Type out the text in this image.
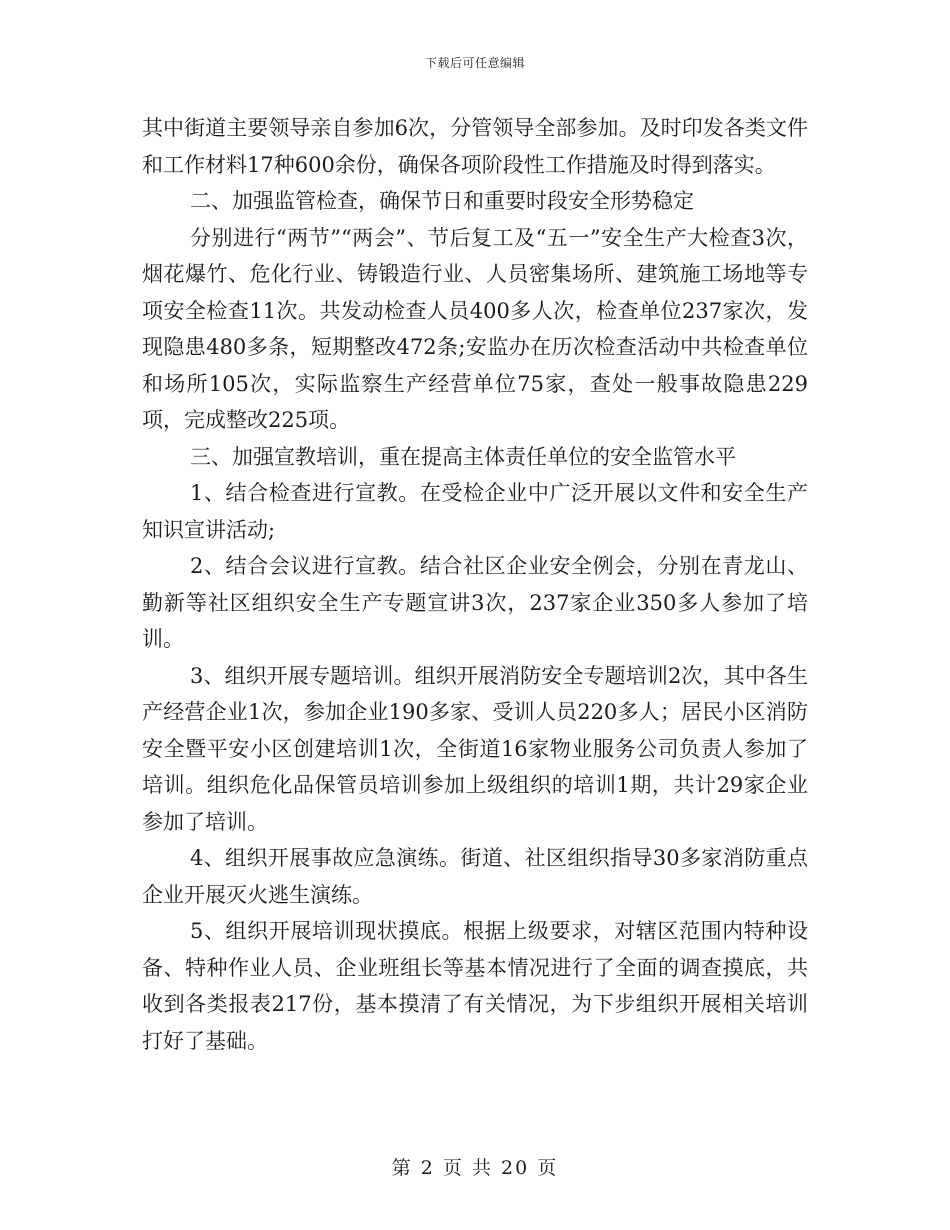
下载后可任意编辑

其中街道主要领导亲自参加6次，分管领导全部参加。及时印发各类文件和工作材料17种600余份，确保各项阶段性工作措施及时得到落实。

二、加强监管检查，确保节日和重要时段安全形势稳定

分别进行“两节”“两会”、节后复工及“五一”安全生产大检查3次，烟花爆竹、危化行业、铸锻造行业、人员密集场所、建筑施工场地等专项安全检查11次。共发动检查人员400多人次，检查单位237家次，发现隐患480多条，短期整改472条;安监办在历次检查活动中共检查单位和场所105次，实际监察生产经营单位75家，查处一般事故隐患229项，完成整改225项。

三、加强宣教培训，重在提高主体责任单位的安全监管水平

1、结合检查进行宣教。在受检企业中广泛开展以文件和安全生产知识宣讲活动;

2、结合会议进行宣教。结合社区企业安全例会，分别在青龙山、勤新等社区组织安全生产专题宣讲3次，237家企业350多人参加了培训。

3、组织开展专题培训。组织开展消防安全专题培训2次，其中各生产经营企业1次，参加企业190多家、受训人员220多人；居民小区消防安全暨平安小区创建培训1次，全街道16家物业服务公司负责人参加了培训。组织危化品保管员培训参加上级组织的培训1期，共计29家企业参加了培训。

4、组织开展事故应急演练。街道、社区组织指导30多家消防重点企业开展灭火逃生演练。

5、组织开展培训现状摸底。根据上级要求，对辖区范围内特种设备、特种作业人员、企业班组长等基本情况进行了全面的调查摸底，共收到各类报表217份，基本摸清了有关情况，为下步组织开展相关培训打好了基础。

第 2 页 共 20 页
